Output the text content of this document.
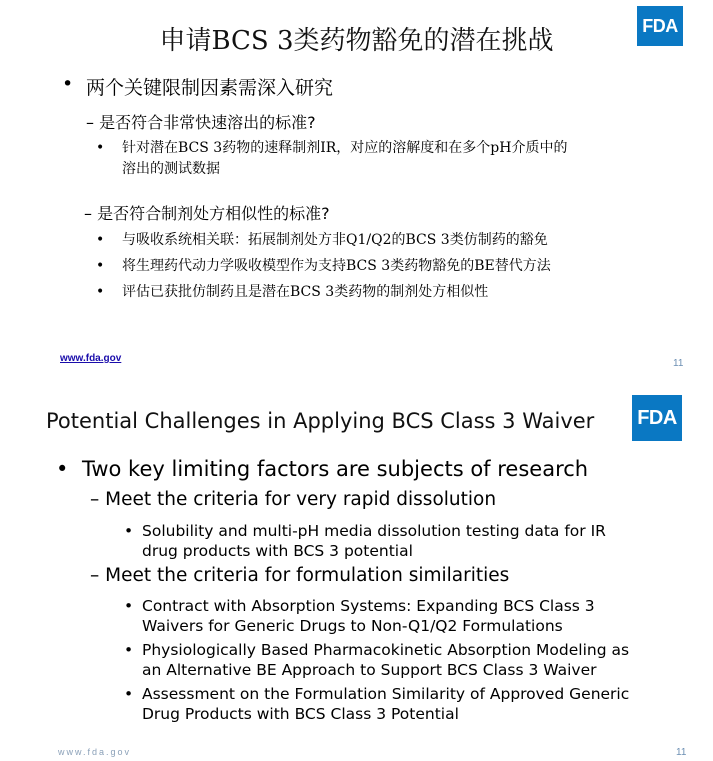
FDA
申请BCS 3类药物豁免的潜在挑战
• 两个关键限制因素需深入研究
– 是否符合非常快速溶出的标准?
• 针对潜在BCS 3药物的速释制剂IR，对应的溶解度和在多个pH介质中的
溶出的测试数据
– 是否符合制剂处方相似性的标准?
• 与吸收系统相关联：拓展制剂处方非Q1/Q2的BCS 3类仿制药的豁免
• 将生理药代动力学吸收模型作为支持BCS 3类药物豁免的BE替代方法
• 评估已获批仿制药且是潜在BCS 3类药物的制剂处方相似性
www.fda.gov	11
FDA
Potential Challenges in Applying BCS Class 3 Waiver
• Two key limiting factors are subjects of research
– Meet the criteria for very rapid dissolution
• Solubility and multi-pH media dissolution testing data for IR
drug products with BCS 3 potential
– Meet the criteria for formulation similarities
• Contract with Absorption Systems: Expanding BCS Class 3
Waivers for Generic Drugs to Non-Q1/Q2 Formulations
• Physiologically Based Pharmacokinetic Absorption Modeling as
an Alternative BE Approach to Support BCS Class 3 Waiver
• Assessment on the Formulation Similarity of Approved Generic
Drug Products with BCS Class 3 Potential
www.fda.gov	11
